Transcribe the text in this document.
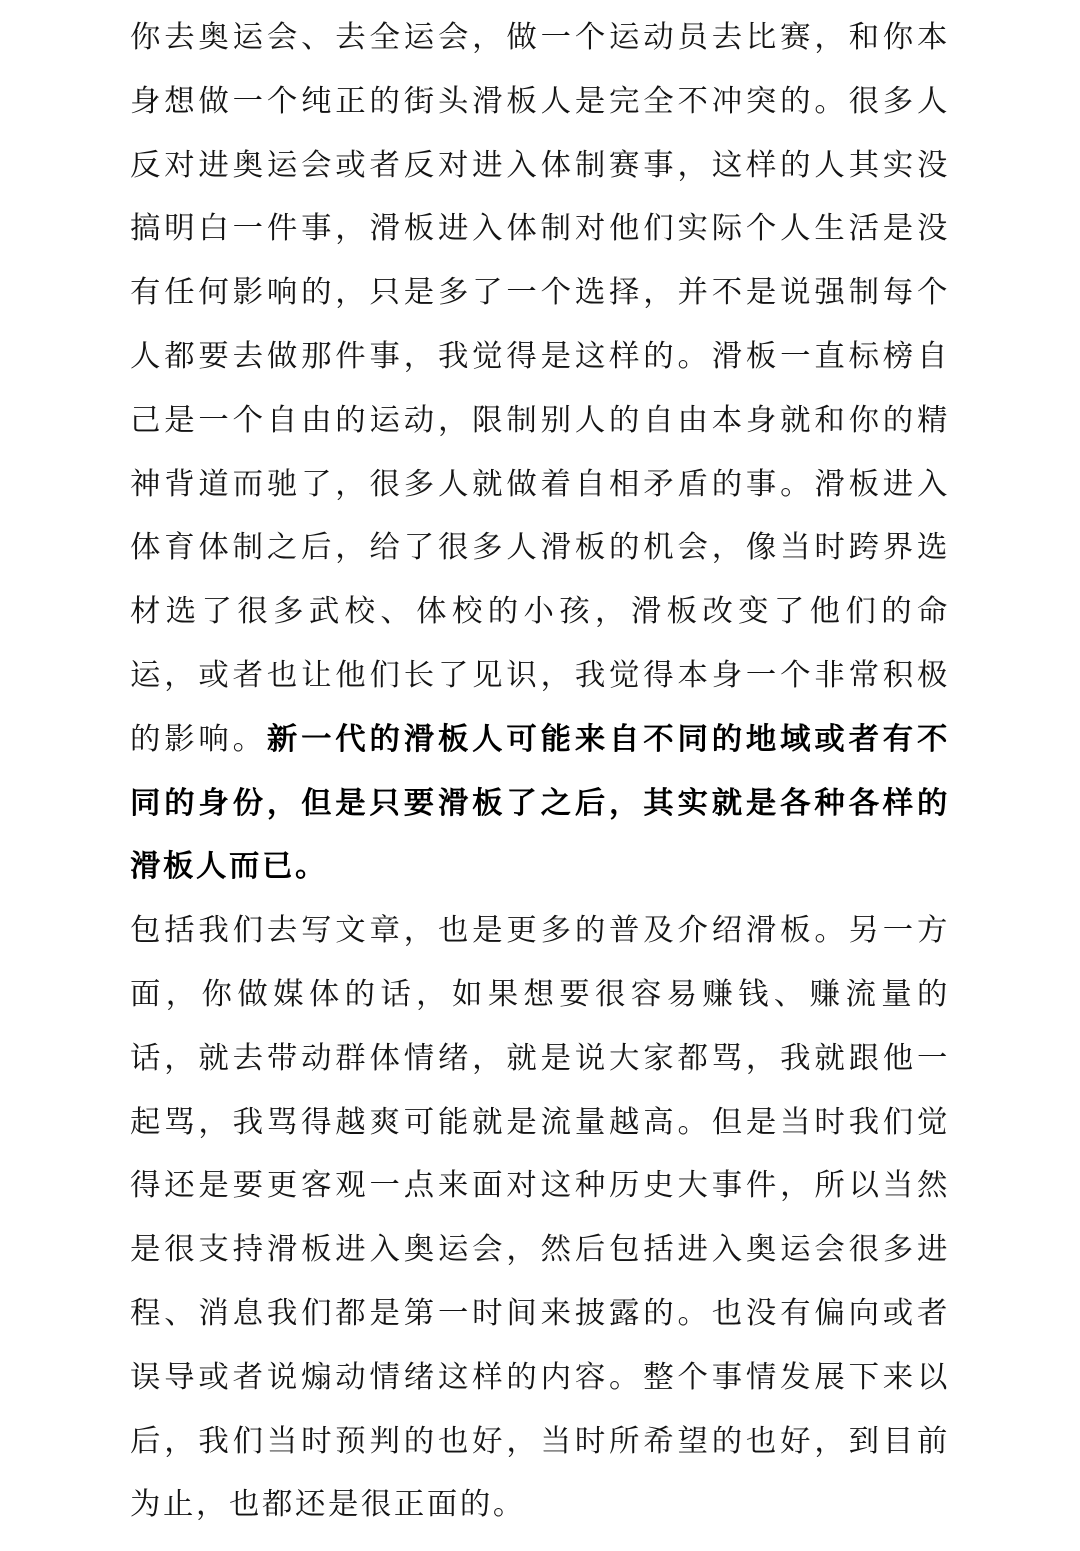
你去奥运会、去全运会，做一个运动员去比赛，和你本身想做一个纯正的街头滑板人是完全不冲突的。很多人反对进奥运会或者反对进入体制赛事，这样的人其实没搞明白一件事，滑板进入体制对他们实际个人生活是没有任何影响的，只是多了一个选择，并不是说强制每个人都要去做那件事，我觉得是这样的。滑板一直标榜自己是一个自由的运动，限制别人的自由本身就和你的精神背道而驰了，很多人就做着自相矛盾的事。滑板进入体育体制之后，给了很多人滑板的机会，像当时跨界选材选了很多武校、体校的小孩，滑板改变了他们的命运，或者也让他们长了见识，我觉得本身一个非常积极的影响。新一代的滑板人可能来自不同的地域或者有不同的身份，但是只要滑板了之后，其实就是各种各样的滑板人而已。

包括我们去写文章，也是更多的普及介绍滑板。另一方面，你做媒体的话，如果想要很容易赚钱、赚流量的话，就去带动群体情绪，就是说大家都骂，我就跟他一起骂，我骂得越爽可能就是流量越高。但是当时我们觉得还是要更客观一点来面对这种历史大事件，所以当然是很支持滑板进入奥运会，然后包括进入奥运会很多进程、消息我们都是第一时间来披露的。也没有偏向或者误导或者说煽动情绪这样的内容。整个事情发展下来以后，我们当时预判的也好，当时所希望的也好，到目前为止，也都还是很正面的。
